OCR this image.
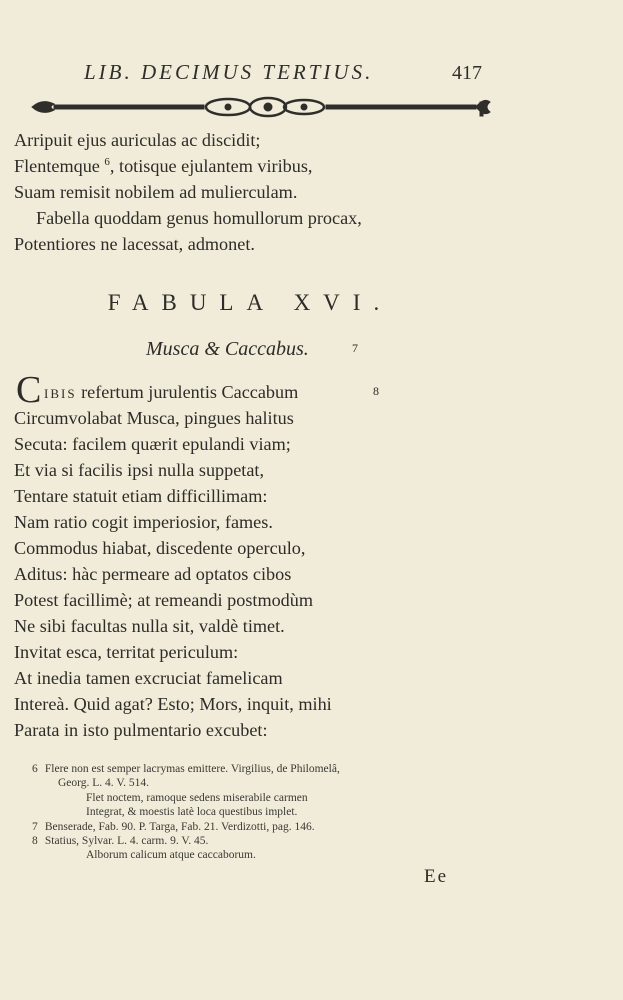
LIB. DECIMUS TERTIUS.	417
Arripuit ejus auriculas ac discidit;
Flentemque $^6$, totisque ejulantem viribus,
Suam remisit nobilem ad mulierculam.
Fabella quoddam genus homullorum procax,
Potentiores ne lacessat, admonet.
FABULA XVI.
Musca & Caccabus.	7
C ibis refertum jurulentis Caccabum	8
Circumvolabat Musca, pingues halitus
Secuta: facilem quærit epulandi viam;
Et via si facilis ipsi nulla suppetat,
Tentare statuit etiam difficillimam:
Nam ratio cogit imperiosior, fames.
Commodus hiabat, discedente operculo,
Aditus: hàc permeare ad optatos cibos
Potest facillimè; at remeandi postmodùm
Ne sibi facultas nulla sit, valdè timet.
Invitat esca, territat periculum:
At inedia tamen excruciat famelicam
Intereà. Quid agat? Esto; Mors, inquit, mihi
Parata in isto pulmentario excubet:
6 Flere non est semper lacrymas emittere. Virgilius, de Philomelâ,
Georg. L. 4. V. 514.
Flet noctem, ramoque sedens miserabile carmen
Integrat, & moestis latè loca questibus implet.
7 Benserade, Fab. 90. P. Targa, Fab. 21. Verdizotti, pag. 146.
8 Statius, Sylvar. L. 4. carm. 9. V. 45.
Alborum calicum atque caccaborum.
Ee
